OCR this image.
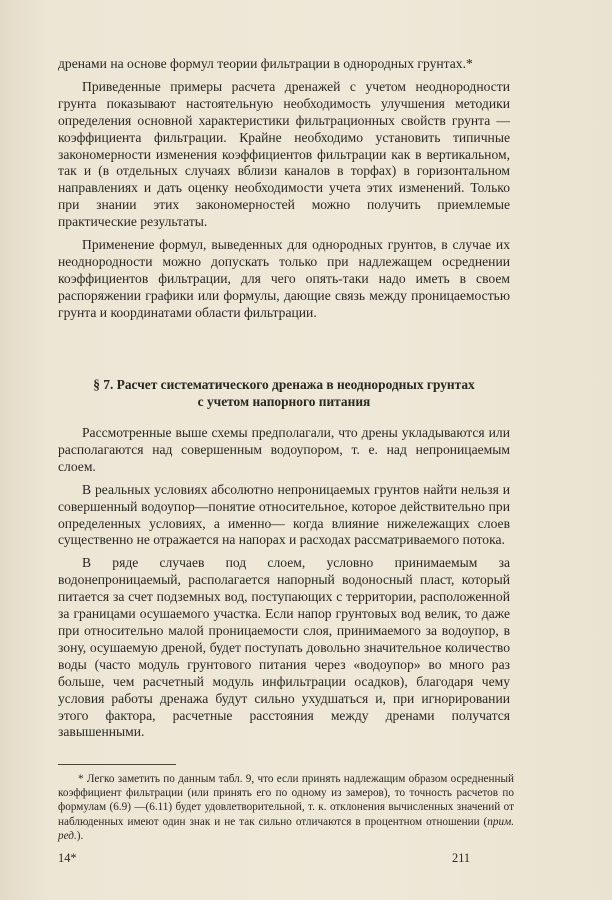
дренами на основе формул теории фильтрации в однородных грунтах.*

Приведенные примеры расчета дренажей с учетом неоднородности грунта показывают настоятельную необходимость улучшения методики определения основной характеристики фильтрационных свойств грунта — коэффициента фильтрации. Крайне необходимо установить типичные закономерности изменения коэффициентов фильтрации как в вертикальном, так и (в отдельных случаях вблизи каналов в торфах) в горизонтальном направлениях и дать оценку необходимости учета этих изменений. Только при знании этих закономерностей можно получить приемлемые практические результаты.

Применение формул, выведенных для однородных грунтов, в случае их неоднородности можно допускать только при надлежащем осреднении коэффициентов фильтрации, для чего опять-таки надо иметь в своем распоряжении графики или формулы, дающие связь между проницаемостью грунта и координатами области фильтрации.

§ 7. Расчет систематического дренажа в неоднородных грунтах
с учетом напорного питания

Рассмотренные выше схемы предполагали, что дрены укладываются или располагаются над совершенным водоупором, т. е. над непроницаемым слоем.

В реальных условиях абсолютно непроницаемых грунтов найти нельзя и совершенный водоупор—понятие относительное, которое действительно при определенных условиях, а именно— когда влияние нижележащих слоев существенно не отражается на напорах и расходах рассматриваемого потока.

В ряде случаев под слоем, условно принимаемым за водонепроницаемый, располагается напорный водоносный пласт, который питается за счет подземных вод, поступающих с территории, расположенной за границами осушаемого участка. Если напор грунтовых вод велик, то даже при относительно малой проницаемости слоя, принимаемого за водоупор, в зону, осушаемую дреной, будет поступать довольно значительное количество воды (часто модуль грунтового питания через «водоупор» во много раз больше, чем расчетный модуль инфильтрации осадков), благодаря чему условия работы дренажа будут сильно ухудшаться и, при игнорировании этого фактора, расчетные расстояния между дренами получатся завышенными.

* Легко заметить по данным табл. 9, что если принять надлежащим образом осредненный коэффициент фильтрации (или принять его по одному из замеров), то точность расчетов по формулам (6.9) —(6.11) будет удовлетворительной, т. к. отклонения вычисленных значений от наблюденных имеют один знак и не так сильно отличаются в процентном отношении (прим. ред.).

14*	211
